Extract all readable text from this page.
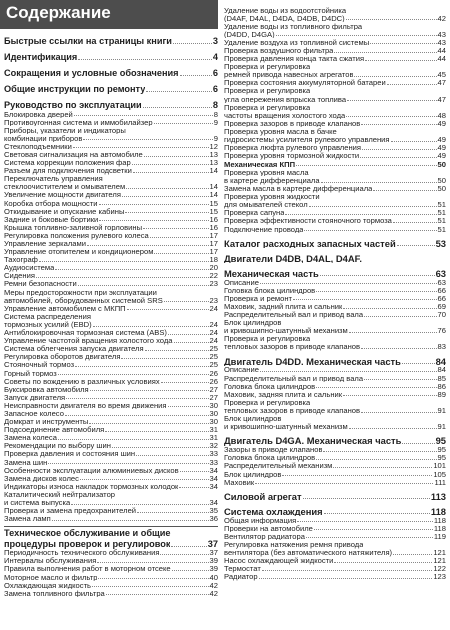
Содержание
Быстрые ссылки на страницы книги	3
Идентификация	4
Сокращения и условные обозначения	6
Общие инструкции по ремонту	6
Руководство по эксплуатации	8
Блокировка дверей	8
Противоугонная система и иммобилайзер	9
Приборы, указатели и индикаторы
комбинации приборов	9
Стеклоподъемники	12
Световая сигнализация на автомобиле	13
Система коррекции положения фар	13
Разъем для подключения подсветки	14
Переключатель управления
стеклоочистителем и омывателем	14
Увеличение мощности двигателя	14
Коробка отбора мощности	15
Откидывание и опускание кабины	15
Задние и боковые бортики	16
Крышка топливно-заливной горловины	16
Регулировка положения рулевого колеса	17
Управление зеркалами	17
Управление отопителем и кондиционером	17
Тахограф	18
Аудиосистема	20
Сидения	22
Ремни безопасности	23
Меры предосторожности при эксплуатации
автомобилей, оборудованных системой SRS	23
Управление автомобилем с МКПП	24
Система распределения
тормозных усилий (EBD)	24
Антиблокировочная тормозная система (ABS)	24
Управление частотой вращения холостого хода	24
Система облегчения запуска двигателя	25
Регулировка оборотов двигателя	25
Стояночный тормоз	25
Горный тормоз	26
Советы по вождению в различных условиях	26
Буксировка автомобиля	27
Запуск двигателя	27
Неисправности двигателя во время движения	30
Запасное колесо	30
Домкрат и инструменты	30
Подсоединение автомобиля	31
Замена колеса	31
Рекомендации по выбору шин	32
Проверка давления и состояния шин	33
Замена шин	33
Особенности эксплуатации алюминиевых дисков	34
Замена дисков колес	34
Индикаторы износа накладок тормозных колодок	34
Каталитический нейтрализатор
и система выпуска	34
Проверка и замена предохранителей	35
Замена ламп	36
Техническое обслуживание и общие
процедуры проверок и регулировок	37
Периодичность технического обслуживания	37
Интервалы обслуживания	39
Правила выполнения работ в моторном отсеке	39
Моторное масло и фильтр	40
Охлаждающая жидкость	42
Замена топливного фильтра	42
Удаление воды из водоотстойника
(D4AF, D4AL, D4DA, D4DB, D4DC)	42
Удаление воды из топливного фильтра
(D4DD, D4GA)	43
Удаление воздуха из топливной системы	43
Проверка воздушного фильтра	44
Проверка давления конца такта сжатия	44
Проверка и регулировка
ремней привода навесных агрегатов	45
Проверка состояния аккумуляторной батареи	47
Проверка и регулировка
угла опережения впрыска топлива	47
Проверка и регулировка
частоты вращения холостого хода	48
Проверка зазоров в приводе клапанов	49
Проверка уровня масла в бачке
гидросистемы усилителя рулевого управления	49
Проверка люфта рулевого управления	49
Проверка уровня тормозной жидкости	49
Механическая КПП	50
Проверка уровня масла
в картере дифференциала	50
Замена масла в картере дифференциала	50
Проверка уровня жидкости
для омывателей стекол	51
Проверка сапуна	51
Проверка эффективности стояночного тормоза	51
Подключение провода	51
Каталог расходных запасных частей	53
Двигатели D4DB, D4AL, D4AF.
Механическая часть	63
Описание	63
Головка блока цилиндров	66
Проверка и ремонт	66
Маховик, задний плита и сальник	69
Распределительный вал и привод вала	70
Блок цилиндров
и кривошипно-шатунный механизм	76
Проверка и регулировка
тепловых зазоров в приводе клапанов	83
Двигатель D4DD. Механическая часть	84
Описание	84
Распределительный вал и привод вала	85
Головка блока цилиндров	86
Маховик, задняя плита и сальник	89
Проверка и регулировка
тепловых зазоров в приводе клапанов	91
Блок цилиндров
и кривошипно-шатунный механизм	91
Двигатель D4GA. Механическая часть	95
Зазоры в приводе клапанов	95
Головка блока цилиндров	95
Распределительный механизм	101
Блок цилиндров	105
Маховик	111
Силовой агрегат	113
Система охлаждения	118
Общая информация	118
Проверки на автомобиле	118
Вентилятор радиатора	119
Регулировка натяжения ремня привода
вентилятора (без автоматического натяжителя)	121
Насос охлаждающей жидкости	121
Термостат	122
Радиатор	123
